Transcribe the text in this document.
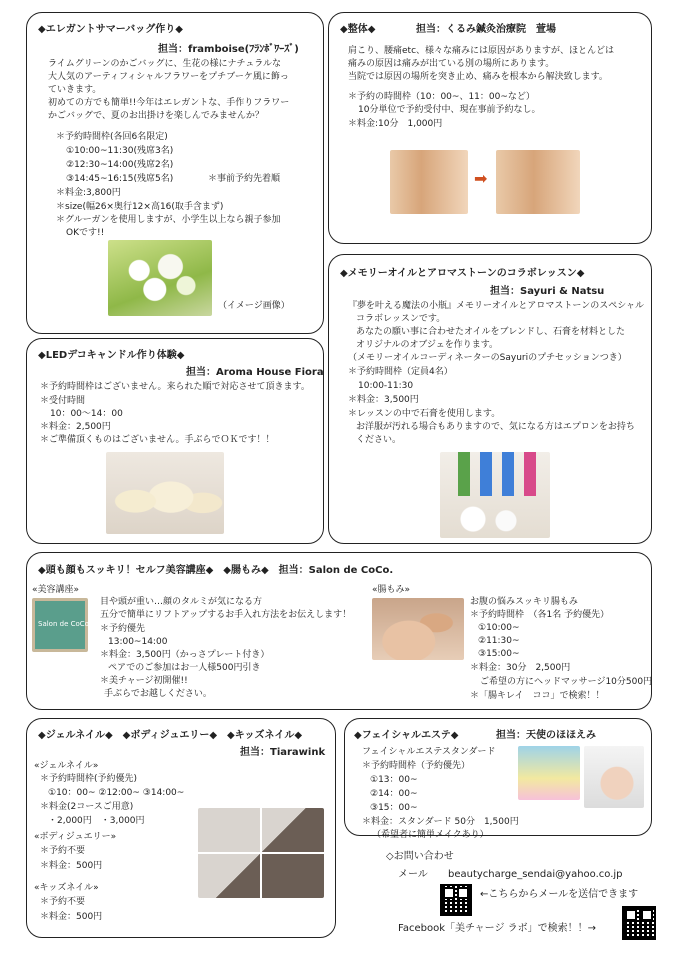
◆エレガントサマーバッグ作り◆
担当：framboise(ﾌﾗﾝﾎﾞﾜｰｽﾞ)
ライムグリーンのかごバッグに、生花の様にナチュラルな
大人気のアーティフィシャルフラワーをプチブーケ風に飾っ
ていきます。
初めての方でも簡単!!今年はエレガントな、手作りフラワー
かごバッグで、夏のお出掛けを楽しんでみませんか？
＊予約時間枠(各回6名限定)
①10:00~11:30(残席3名)
②12:30~14:00(残席2名)
③14:45~16:15(残席5名)	＊事前予約先着順
＊料金:3,800円
＊size(幅26×奥行12×高16(取手含まず)
＊グルーガンを使用しますが、小学生以上なら親子参加
OKです!!
（イメージ画像）
◆整体◆	担当：くるみ鍼灸治療院　萱場
肩こり、腰痛etc、様々な痛みには原因がありますが、ほとんどは
痛みの原因は痛みが出ている別の場所にあります。
当院では原因の場所を突き止め、痛みを根本から解決致します。
＊予約の時間枠（10：00~、11：00~など）
10分単位で予約受付中、現在事前予約なし。
＊料金:10分　1,000円
➡
◆メモリーオイルとアロマストーンのコラボレッスン◆
担当：Sayuri & Natsu
『夢を叶える魔法の小瓶』メモリーオイルとアロマストーンのスペシャル
コラボレッスンです。
あなたの願い事に合わせたオイルをブレンドし、石膏を材料とした
オリジナルのオブジェを作ります。
（メモリーオイルコーディネーターのSayuriのプチセッションつき）
＊予約時間枠（定員4名）
10:00-11:30
＊料金：3,500円
＊レッスンの中で石膏を使用します。
お洋服が汚れる場合もありますので、気になる方はエプロンをお持ち
ください。
◆LEDデコキャンドル作り体験◆
担当：Aroma House Fiora
＊予約時間枠はございません。来られた順で対応させて頂きます。
＊受付時間
10：00～14：00
＊料金：2,500円
＊ご準備頂くものはございません。手ぶらでＯＫです！！
◆頭も顔もスッキリ！セルフ美容講座◆　◆腸もみ◆　担当：Salon de CoCo.
«美容講座»
Salon de CoCo
目や頭が重い…顔のタルミが気になる方
五分で簡単にリフトアップするお手入れ方法をお伝えします！
＊予約優先
13:00~14:00
＊料金：3,500円（かっさプレート付き）
ペアでのご参加はお一人様500円引き
＊美チャージ初開催!!
手ぶらでお越しください。
«腸もみ»
お腹の悩みスッキリ腸もみ
＊予約時間枠　（各1名 予約優先）
①10:00~
②11:30~
③15:00~
＊料金：30分　2,500円
ご希望の方にヘッドマッサージ10分500円
＊「腸キレイ　ココ」で検索！！
◆ジェルネイル◆　◆ボディジュエリー◆　◆キッズネイル◆
担当：Tiarawink
«ジェルネイル»
＊予約時間枠(予約優先)
①10：00~ ②12:00~ ③14:00~
＊料金(2コースご用意)
・2,000円　・3,000円
«ボディジュエリー»
＊予約不要
＊料金：500円
«キッズネイル»
＊予約不要
＊料金：500円
◆フェイシャルエステ◆	担当：天使のほほえみ
フェイシャルエステスタンダード
＊予約時間枠（予約優先）
①13：00~
②14：00~
③15：00~
＊料金：スタンダード 50分　1,500円
（希望者に簡単メイクあり）
◇お問い合わせ
メール beautycharge_sendai@yahoo.co.jp
←こちらからメールを送信できます
Facebook「美チャージ ラボ」で検索！！→
